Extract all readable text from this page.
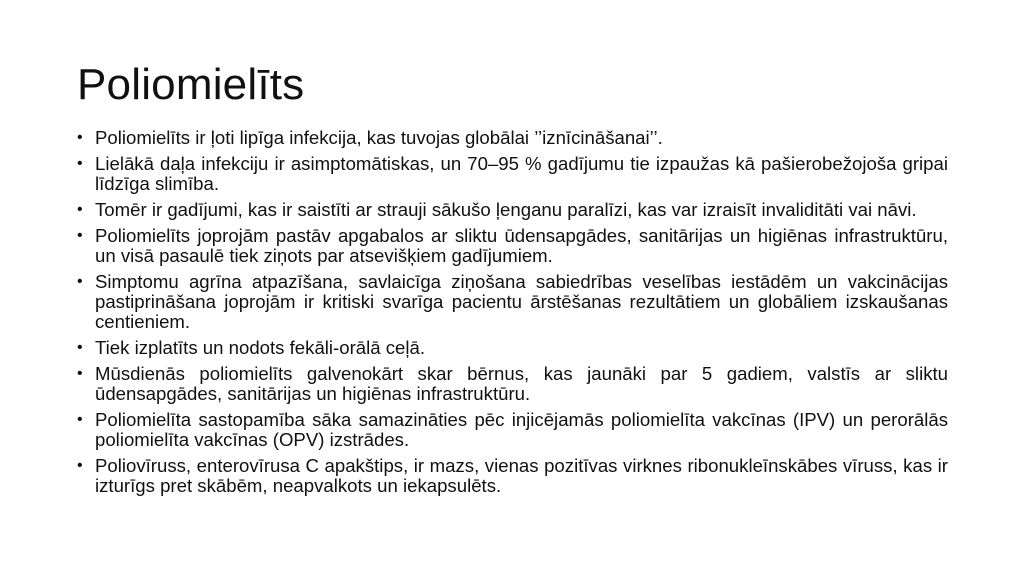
Poliomielīts
• Poliomielīts ir ļoti lipīga infekcija, kas tuvojas globālai ’’iznīcināšanai’’.
• Lielākā daļa infekciju ir asimptomātiskas, un 70–95 % gadījumu tie izpaužas kā pašierobežojoša gripai līdzīga slimība.
• Tomēr ir gadījumi, kas ir saistīti ar strauji sākušo ļenganu paralīzi, kas var izraisīt invaliditāti vai nāvi.
• Poliomielīts joprojām pastāv apgabalos ar sliktu ūdensapgādes, sanitārijas un higiēnas infrastruktūru, un visā pasaulē tiek ziņots par atsevišķiem gadījumiem.
• Simptomu agrīna atpazīšana, savlaicīga ziņošana sabiedrības veselības iestādēm un vakcinācijas pastiprināšana joprojām ir kritiski svarīga pacientu ārstēšanas rezultātiem un globāliem izskaušanas centieniem.
• Tiek izplatīts un nodots fekāli-orālā ceļā.
• Mūsdienās poliomielīts galvenokārt skar bērnus, kas jaunāki par 5 gadiem, valstīs ar sliktu ūdensapgādes, sanitārijas un higiēnas infrastruktūru.
• Poliomielīta sastopamība sāka samazināties pēc injicējamās poliomielīta vakcīnas (IPV) un perorālās poliomielīta vakcīnas (OPV) izstrādes.
• Poliovīruss, enterovīrusa C apakštips, ir mazs, vienas pozitīvas virknes ribonukleīnskābes vīruss, kas ir izturīgs pret skābēm, neapvalkots un iekapsulēts.
